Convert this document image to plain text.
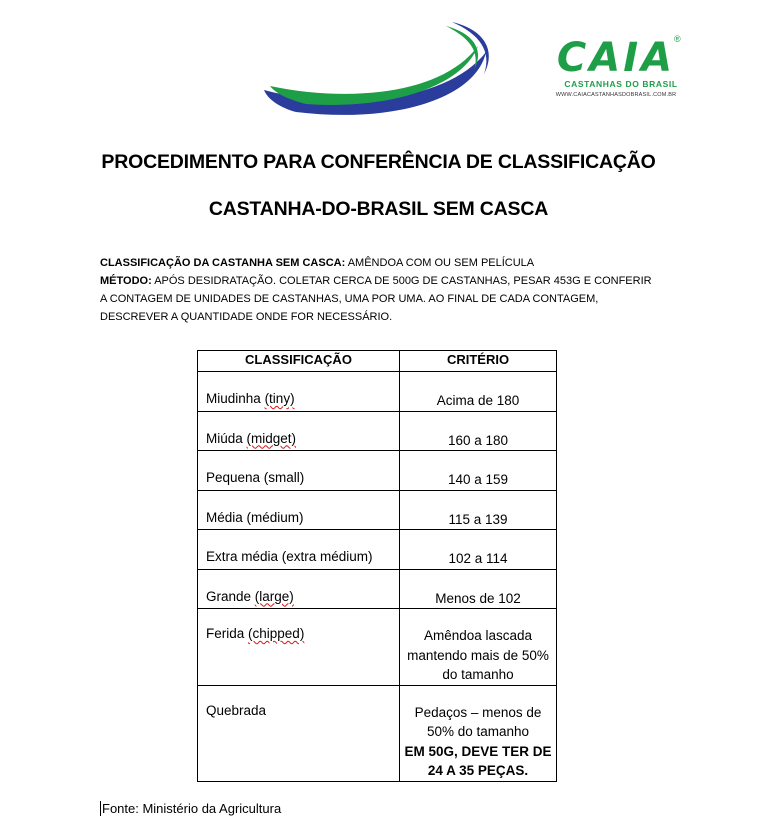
CAIA
®
CASTANHAS DO BRASIL
WWW.CAIACASTANHASDOBRASIL.COM.BR
PROCEDIMENTO PARA CONFERÊNCIA DE CLASSIFICAÇÃO
CASTANHA-DO-BRASIL SEM CASCA
CLASSIFICAÇÃO DA CASTANHA SEM CASCA: AMÊNDOA COM OU SEM PELÍCULA
MÉTODO: APÓS DESIDRATAÇÃO. COLETAR CERCA DE 500G DE CASTANHAS, PESAR 453G E CONFERIR A CONTAGEM DE UNIDADES DE CASTANHAS, UMA POR UMA. AO FINAL DE CADA CONTAGEM, DESCREVER A QUANTIDADE ONDE FOR NECESSÁRIO.
CLASSIFICAÇÃO	CRITÉRIO
Miudinha (tiny)	Acima de 180
Miúda (midget)	160 a 180
Pequena (small)	140 a 159
Média (médium)	115 a 139
Extra média (extra médium)	102 a 114
Grande (large)	Menos de 102
Ferida (chipped)	Amêndoa lascada mantendo mais de 50% do tamanho
Quebrada	Pedaços – menos de 50% do tamanho
EM 50G, DEVE TER DE 24 A 35 PEÇAS.
Fonte: Ministério da Agricultura
